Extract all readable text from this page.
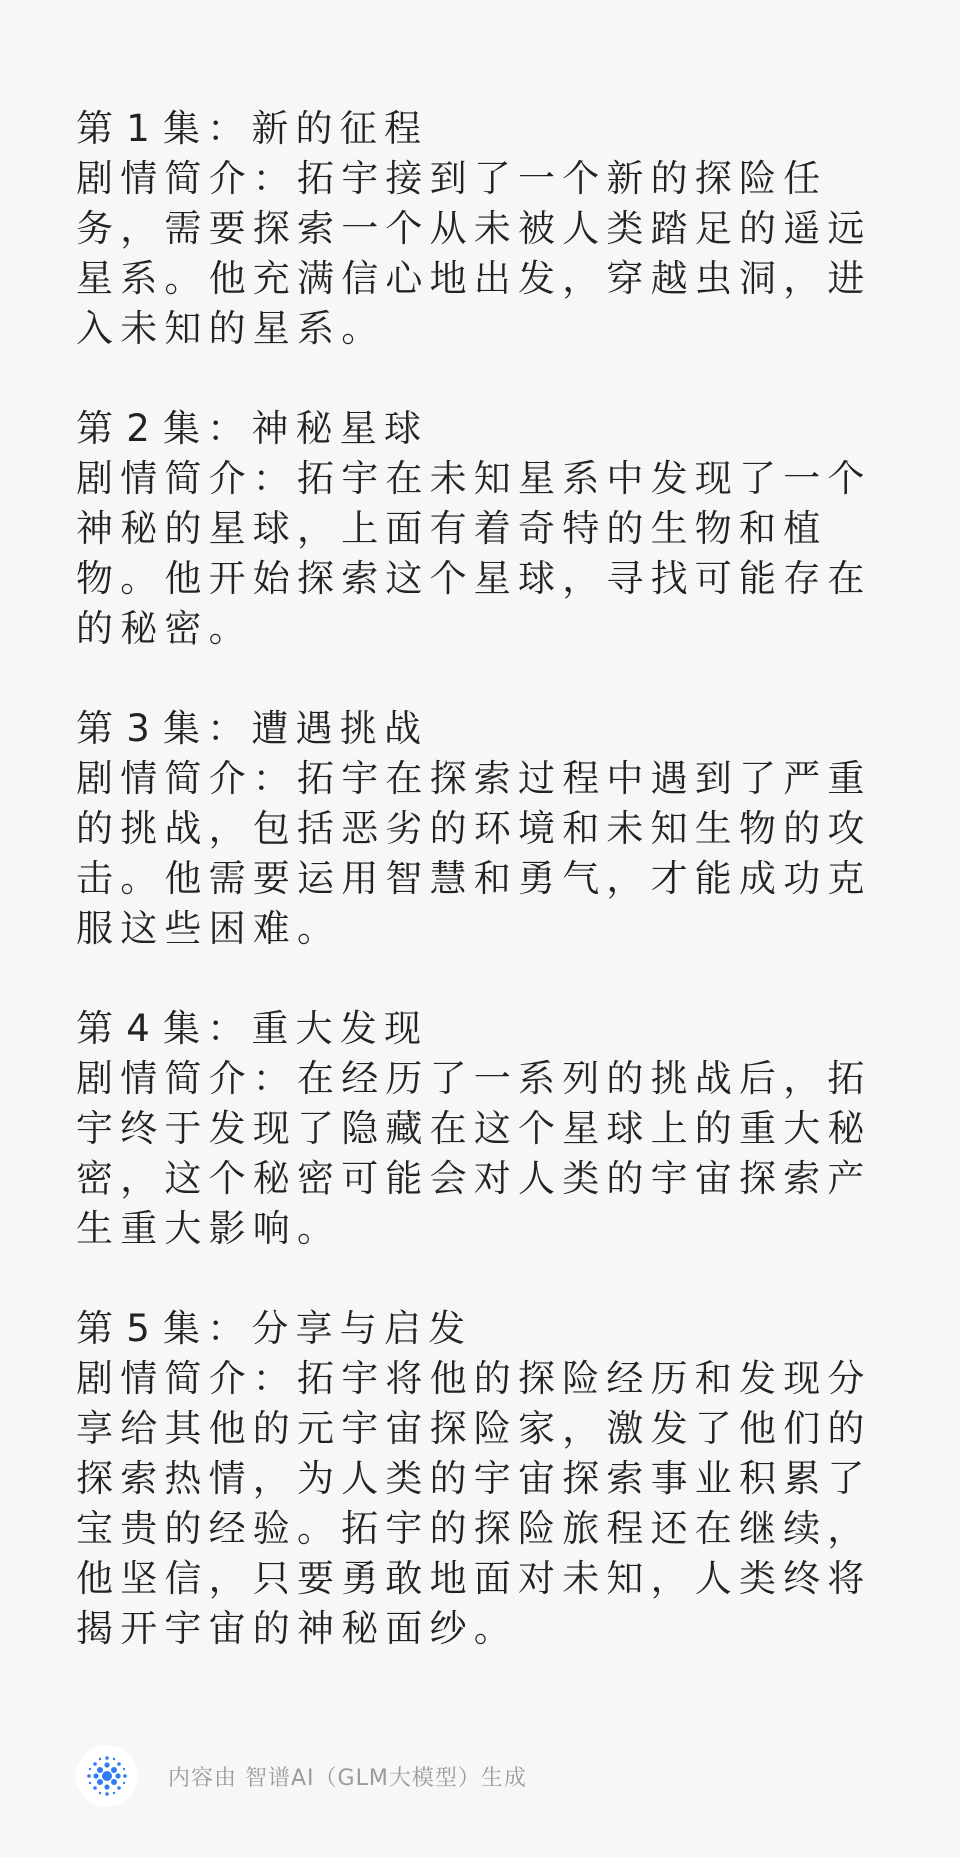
第 1 集：新的征程

剧情简介：拓宇接到了一个新的探险任务，需要探索一个从未被人类踏足的遥远星系。他充满信心地出发，穿越虫洞，进入未知的星系。

第 2 集：神秘星球

剧情简介：拓宇在未知星系中发现了一个神秘的星球，上面有着奇特的生物和植物。他开始探索这个星球，寻找可能存在的秘密。

第 3 集：遭遇挑战

剧情简介：拓宇在探索过程中遇到了严重的挑战，包括恶劣的环境和未知生物的攻击。他需要运用智慧和勇气，才能成功克服这些困难。

第 4 集：重大发现

剧情简介：在经历了一系列的挑战后，拓宇终于发现了隐藏在这个星球上的重大秘密，这个秘密可能会对人类的宇宙探索产生重大影响。

第 5 集：分享与启发

剧情简介：拓宇将他的探险经历和发现分享给其他的元宇宙探险家，激发了他们的探索热情，为人类的宇宙探索事业积累了宝贵的经验。拓宇的探险旅程还在继续，他坚信，只要勇敢地面对未知，人类终将揭开宇宙的神秘面纱。

内容由 智谱AI（GLM大模型）生成
